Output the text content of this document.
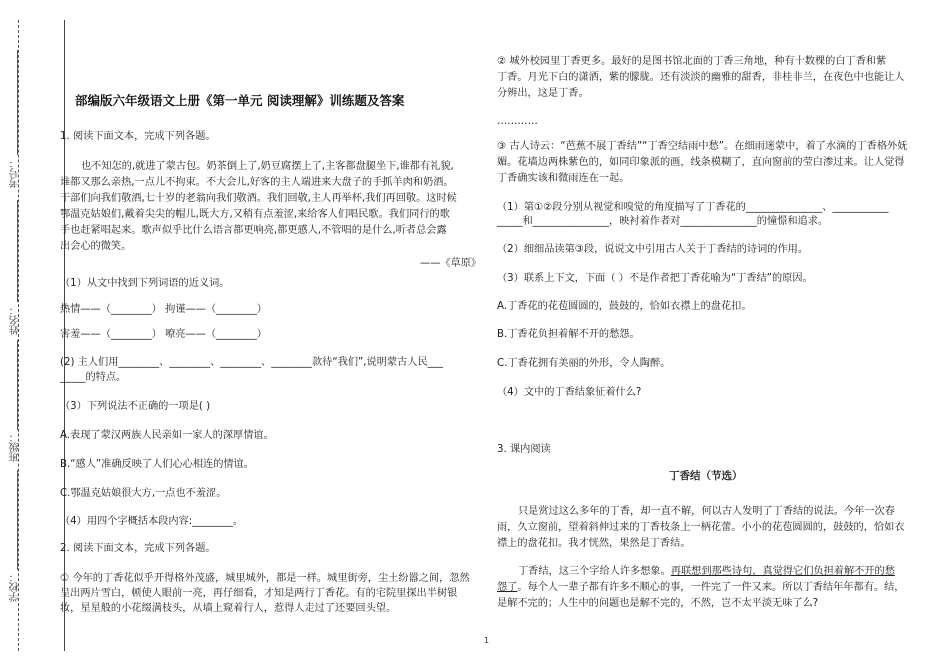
考号：
姓名：
班级：
学校：
部编版六年级语文上册《第一单元 阅读理解》训练题及答案
1. 阅读下面文本，完成下列各题。
也不知怎的,就进了蒙古包。奶茶倒上了,奶豆腐摆上了,主客都盘腿坐下,谁都有礼貌,
谁都又那么亲热,一点儿不拘束。不大会儿,好客的主人端进来大盘子的手抓羊肉和奶酒。
干部们向我们敬酒,七十岁的老翁向我们敬酒。我们回敬,主人再举杯,我们再回敬。这时候
鄂温克姑娘们,戴着尖尖的帽儿,既大方,又稍有点羞涩,来给客人们唱民歌。我们同行的歌
手也赶紧唱起来。歌声似乎比什么语言都更响亮,都更感人,不管唱的是什么,听者总会露
出会心的微笑。
——《草原》
（1）从文中找到下列词语的近义词。
热情——（________） 拘谨——（________）
害羞——（________） 嘹亮——（________）
(2) 主人们用________、________、________、________款待“我们”,说明蒙古人民___
_____的特点。
（3）下列说法不正确的一项是( )
A.表现了蒙汉两族人民亲如一家人的深厚情谊。
B.“感人”准确反映了人们心心相连的情谊。
C.鄂温克姑娘很大方,一点也不羞涩。
（4）用四个字概括本段内容:________。
2. 阅读下面文本，完成下列各题。
① 今年的丁香花似乎开得格外茂盛，城里城外，都是一样。城里街旁，尘土纷嚣之间，忽然
呈出两片雪白，顿使人眼前一亮，再仔细看，才知是两行丁香花。有的宅院里探出半树银
妆，星星般的小花缀满枝头，从墙上窥着行人，惹得人走过了还要回头望。
② 城外校园里丁香更多。最好的是图书馆北面的丁香三角地，种有十数棵的白丁香和紫
丁香。月光下白的潇洒，紫的朦胧。还有淡淡的幽雅的甜香，非桂非兰，在夜色中也能让人
分辨出，这是丁香。
…………
③ 古人诗云：“芭蕉不展丁香结”“丁香空结雨中愁”。在细雨迷蒙中，着了水滴的丁香格外妩
媚。花墙边两株紫色的，如同印象派的画，线条模糊了，直向窗前的莹白渗过来。让人觉得
丁香确实该和微雨连在一起。
（1）第①②段分别从视觉和嗅觉的角度描写了丁香花的_______________、___________
_____和_______________，映衬着作者对_______________的憧憬和追求。
（2）细细品读第③段，说说文中引用古人关于丁香结的诗词的作用。
（3）联系上下文，下面（ ）不是作者把丁香花喻为“丁香结”的原因。
A.丁香花的花苞圆圆的，鼓鼓的，恰如衣襟上的盘花扣。
B.丁香花负担着解不开的愁怨。
C.丁香花拥有美丽的外形，令人陶醉。
（4）文中的丁香结象征着什么?
3. 课内阅读
丁香结（节选）
只是赏过这么多年的丁香，却一直不解，何以古人发明了丁香结的说法。今年一次春
雨，久立窗前，望着斜伸过来的丁香枝条上一柄花蕾。小小的花苞圆圆的，鼓鼓的，恰如衣
襟上的盘花扣。我才恍然，果然是丁香结。
丁香结，这三个字给人许多想象。再联想到那些诗句，真觉得它们负担着解不开的愁
怨了。每个人一辈子都有许多不顺心的事，一件完了一件又来。所以丁香结年年都有。结，
是解不完的；人生中的问题也是解不完的，不然，岂不太平淡无味了么?
1
